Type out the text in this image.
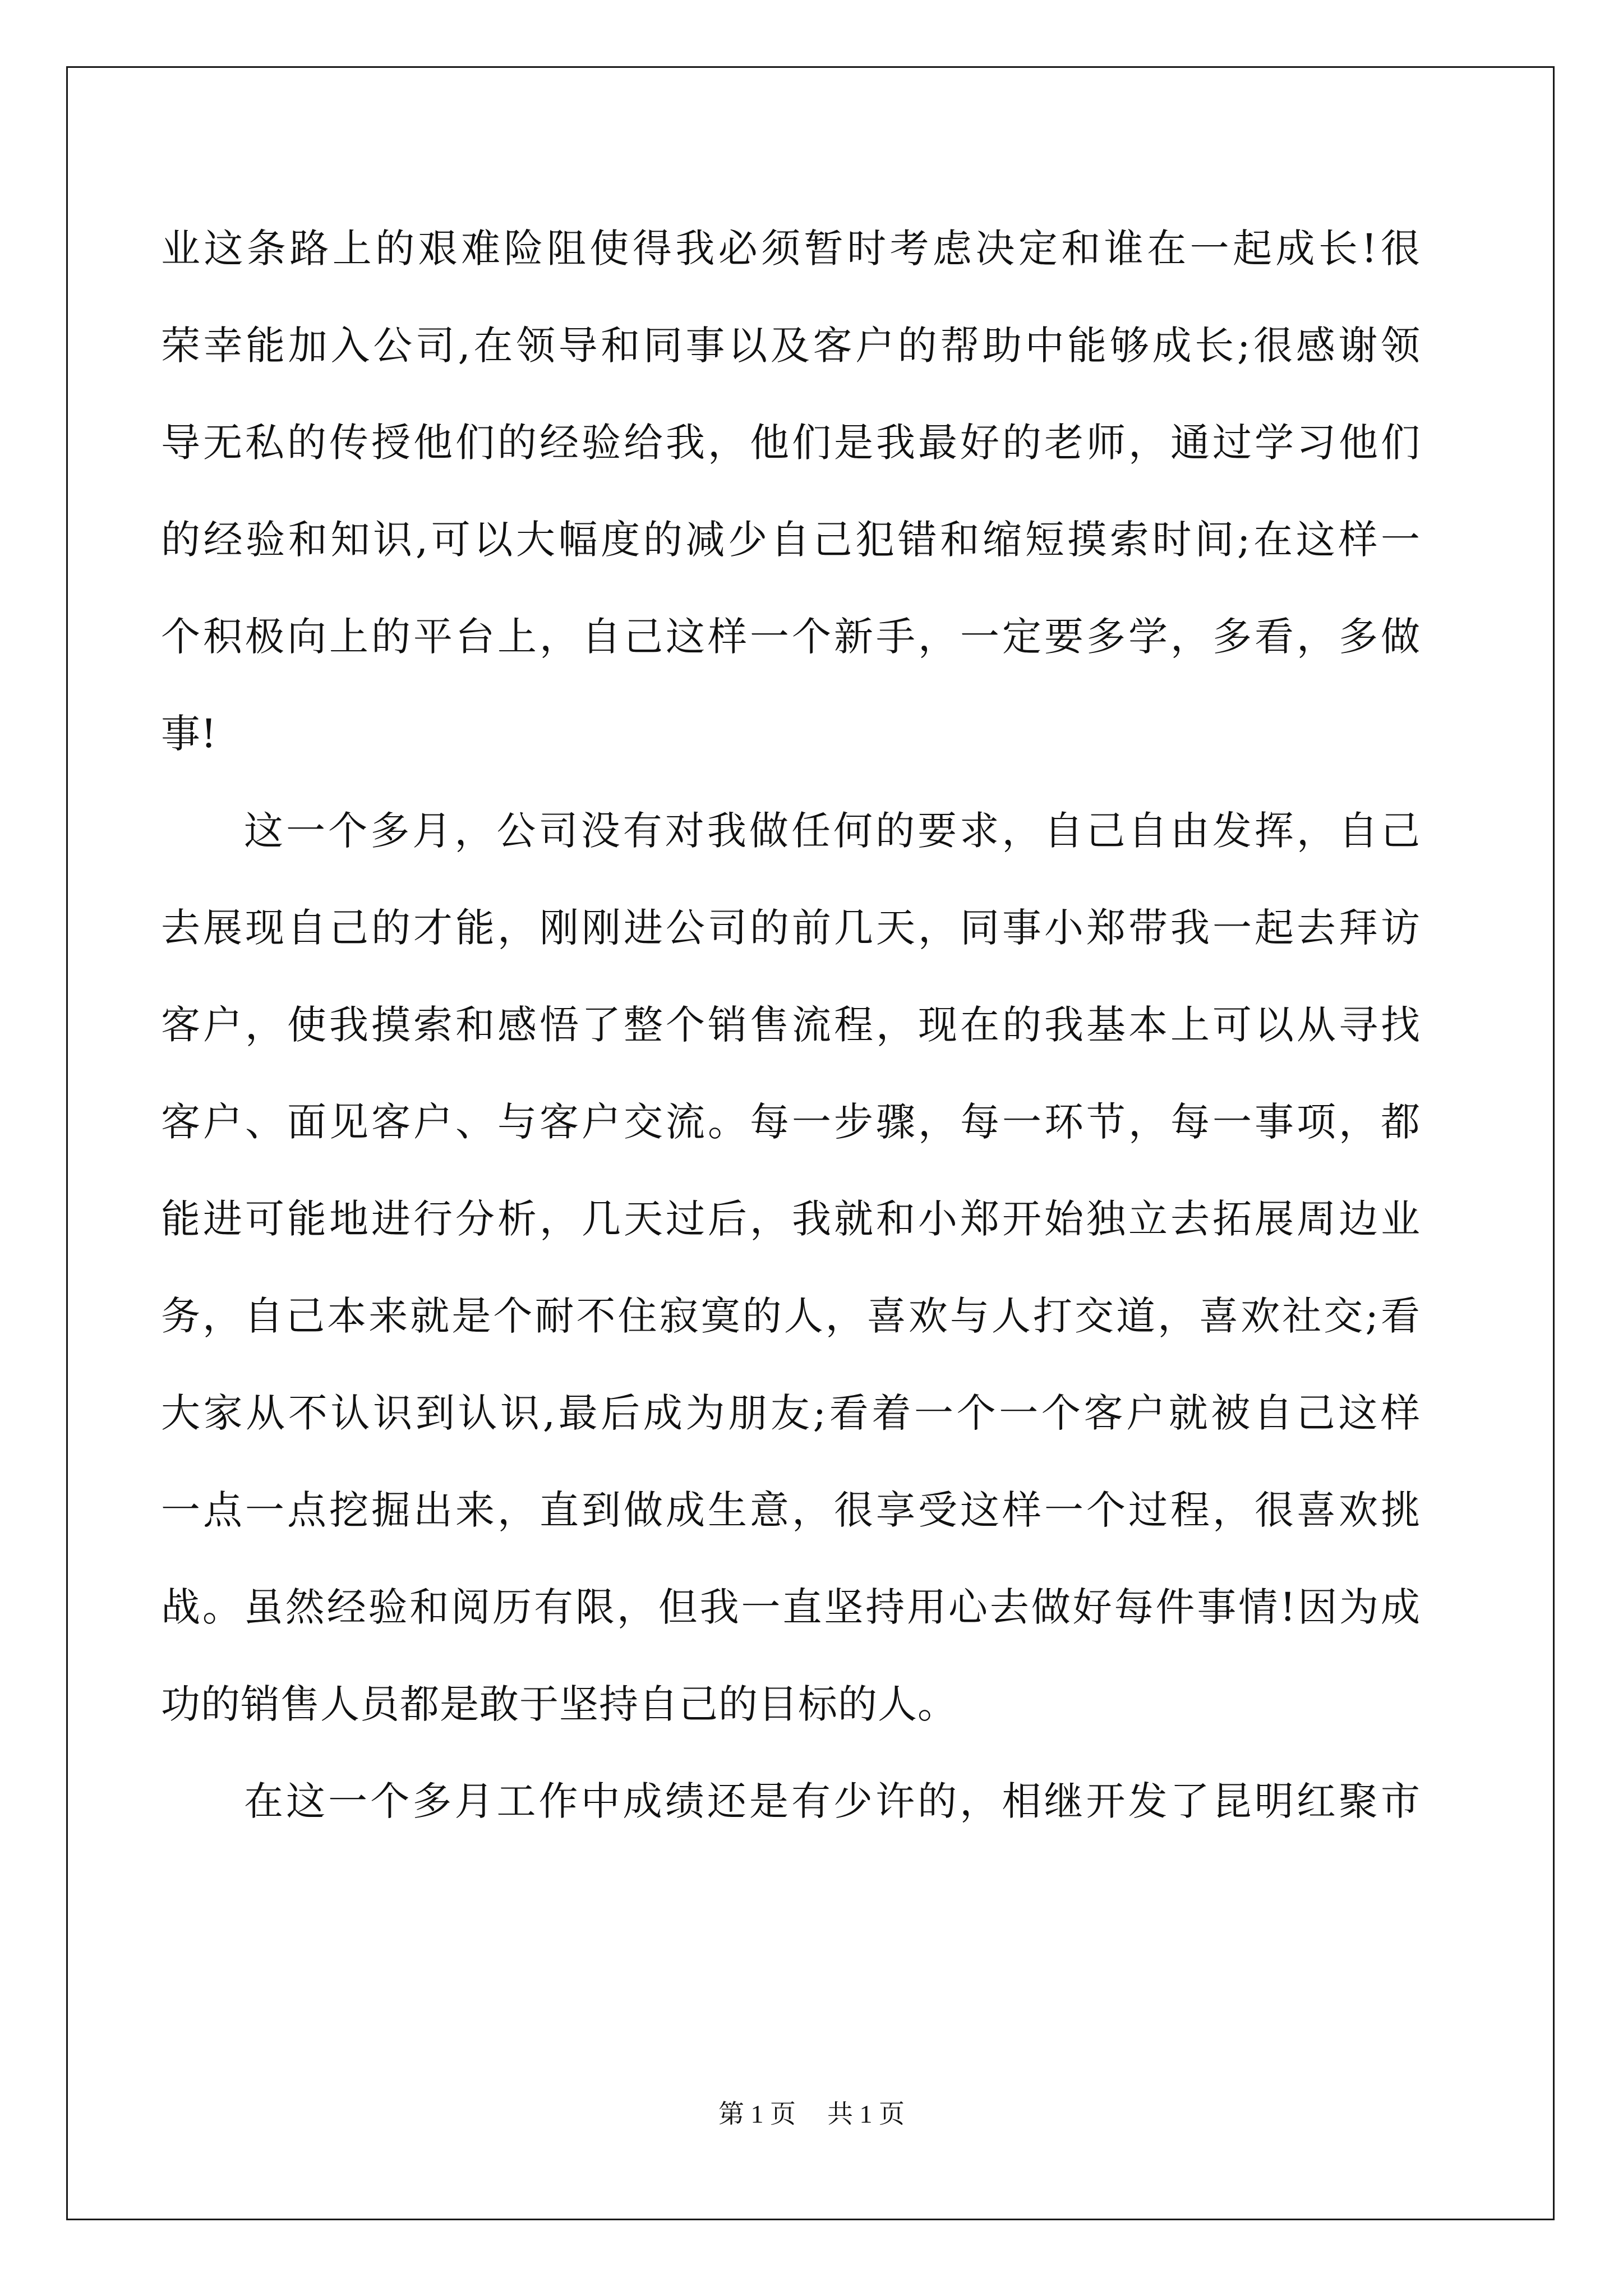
业这条路上的艰难险阻使得我必须暂时考虑决定和谁在一起成长!很
荣幸能加入公司,在领导和同事以及客户的帮助中能够成长;很感谢领
导无私的传授他们的经验给我，他们是我最好的老师，通过学习他们
的经验和知识,可以大幅度的减少自己犯错和缩短摸索时间;在这样一
个积极向上的平台上，自己这样一个新手，一定要多学，多看，多做
事!
这一个多月，公司没有对我做任何的要求，自己自由发挥，自己
去展现自己的才能，刚刚进公司的前几天，同事小郑带我一起去拜访
客户，使我摸索和感悟了整个销售流程，现在的我基本上可以从寻找
客户、面见客户、与客户交流。每一步骤，每一环节，每一事项，都
能进可能地进行分析，几天过后，我就和小郑开始独立去拓展周边业
务，自己本来就是个耐不住寂寞的人，喜欢与人打交道，喜欢社交;看
大家从不认识到认识,最后成为朋友;看着一个一个客户就被自己这样
一点一点挖掘出来，直到做成生意，很享受这样一个过程，很喜欢挑
战。虽然经验和阅历有限，但我一直坚持用心去做好每件事情!因为成
功的销售人员都是敢于坚持自己的目标的人。
在这一个多月工作中成绩还是有少许的，相继开发了昆明红聚市
第 1 页 共 1 页
